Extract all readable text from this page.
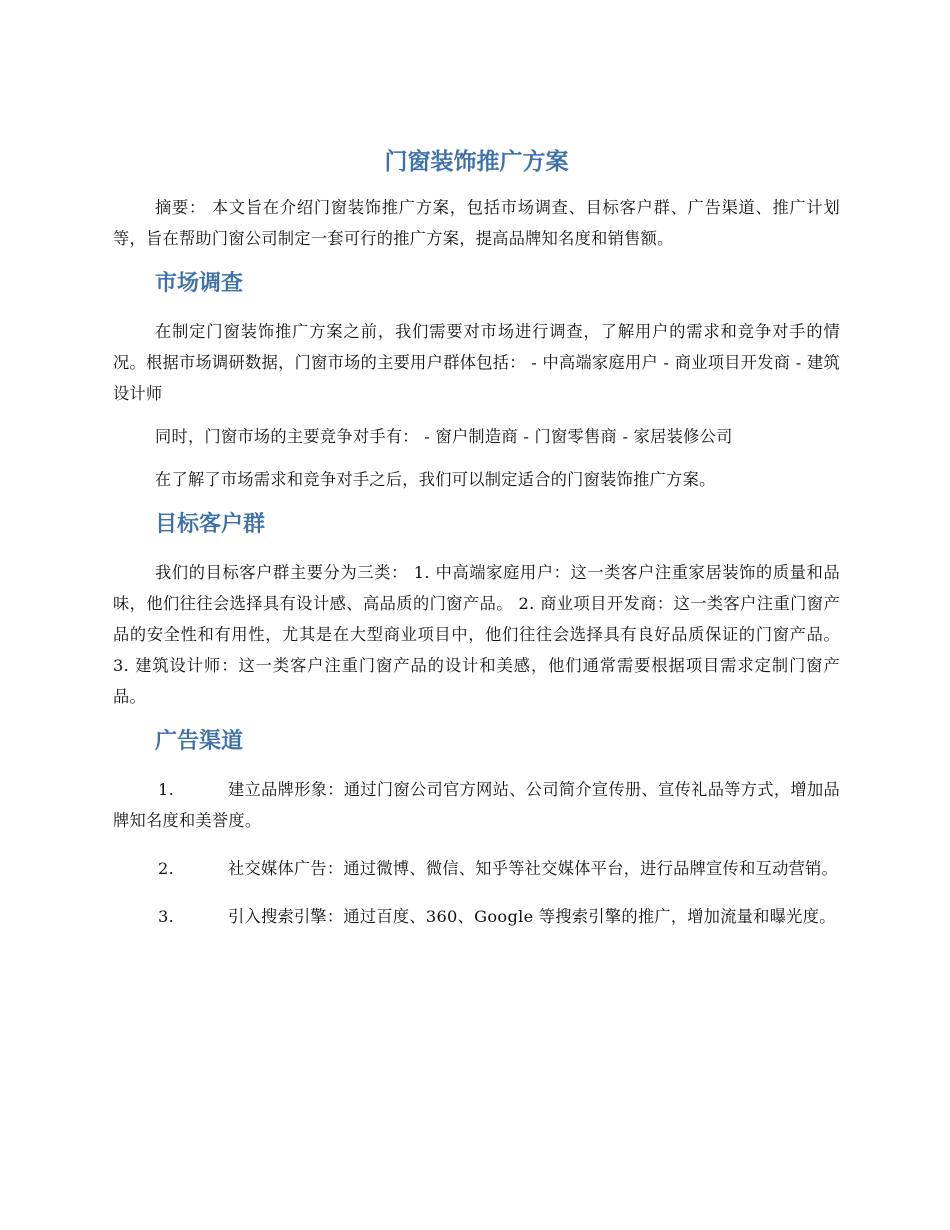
门窗装饰推广方案

摘要： 本文旨在介绍门窗装饰推广方案，包括市场调查、目标客户群、广告渠道、推广计划等，旨在帮助门窗公司制定一套可行的推广方案，提高品牌知名度和销售额。

市场调查

在制定门窗装饰推广方案之前，我们需要对市场进行调查，了解用户的需求和竞争对手的情况。根据市场调研数据，门窗市场的主要用户群体包括： - 中高端家庭用户 - 商业项目开发商 - 建筑设计师

同时，门窗市场的主要竞争对手有： - 窗户制造商 - 门窗零售商 - 家居装修公司

在了解了市场需求和竞争对手之后，我们可以制定适合的门窗装饰推广方案。

目标客户群

我们的目标客户群主要分为三类： 1. 中高端家庭用户：这一类客户注重家居装饰的质量和品味，他们往往会选择具有设计感、高品质的门窗产品。 2. 商业项目开发商：这一类客户注重门窗产品的安全性和有用性，尤其是在大型商业项目中，他们往往会选择具有良好品质保证的门窗产品。 3. 建筑设计师：这一类客户注重门窗产品的设计和美感，他们通常需要根据项目需求定制门窗产品。

广告渠道
1.	建立品牌形象：通过门窗公司官方网站、公司简介宣传册、宣传礼品等方式，增加品牌知名度和美誉度。
2.	社交媒体广告：通过微博、微信、知乎等社交媒体平台，进行品牌宣传和互动营销。
3.	引入搜索引擎：通过百度、360、Google 等搜索引擎的推广，增加流量和曝光度。
